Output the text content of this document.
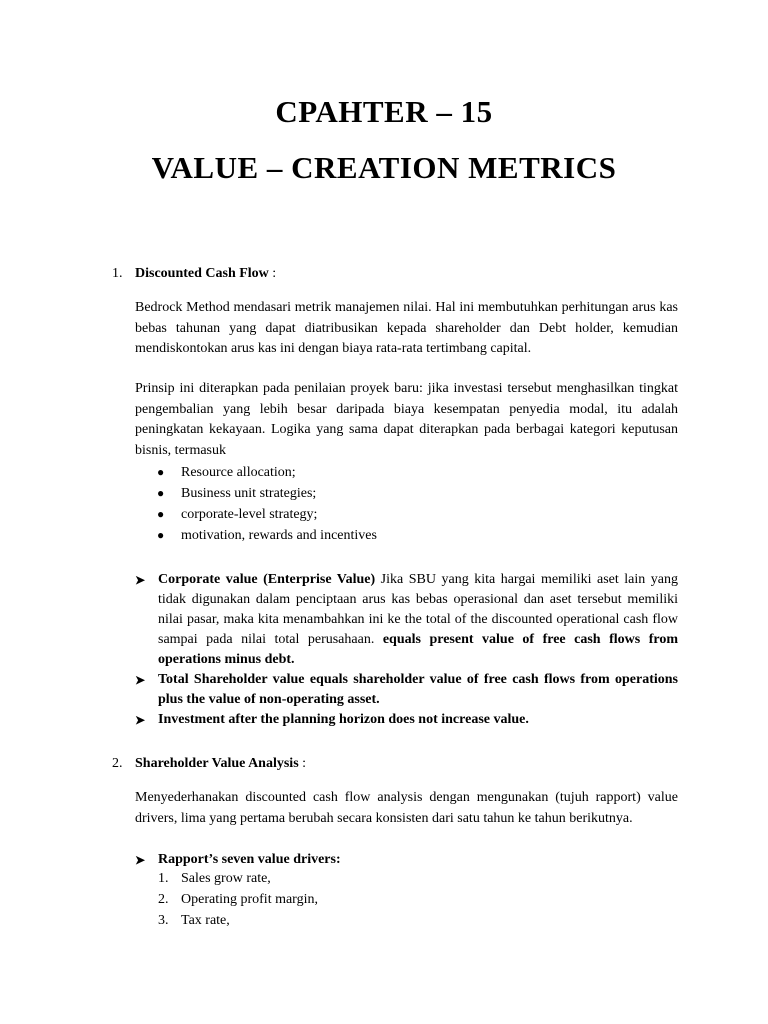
CPAHTER – 15
VALUE – CREATION METRICS
1. Discounted Cash Flow :
Bedrock Method mendasari metrik manajemen nilai. Hal ini membutuhkan perhitungan arus kas bebas tahunan yang dapat diatribusikan kepada shareholder dan Debt holder, kemudian mendiskontokan arus kas ini dengan biaya rata-rata tertimbang capital.
Prinsip ini diterapkan pada penilaian proyek baru: jika investasi tersebut menghasilkan tingkat pengembalian yang lebih besar daripada biaya kesempatan penyedia modal, itu adalah peningkatan kekayaan. Logika yang sama dapat diterapkan pada berbagai kategori keputusan bisnis, termasuk
● Resource allocation;
● Business unit strategies;
● corporate-level strategy;
● motivation, rewards and incentives
➤ Corporate value (Enterprise Value) Jika SBU yang kita hargai memiliki aset lain yang tidak digunakan dalam penciptaan arus kas bebas operasional dan aset tersebut memiliki nilai pasar, maka kita menambahkan ini ke the total of the discounted operational cash flow sampai pada nilai total perusahaan. equals present value of free cash flows from operations minus debt.
➤ Total Shareholder value equals shareholder value of free cash flows from operations plus the value of non-operating asset.
➤ Investment after the planning horizon does not increase value.
2. Shareholder Value Analysis :
Menyederhanakan discounted cash flow analysis dengan mengunakan (tujuh rapport) value drivers, lima yang pertama berubah secara konsisten dari satu tahun ke tahun berikutnya.
➤ Rapport’s seven value drivers:
1. Sales grow rate,
2. Operating profit margin,
3. Tax rate,
